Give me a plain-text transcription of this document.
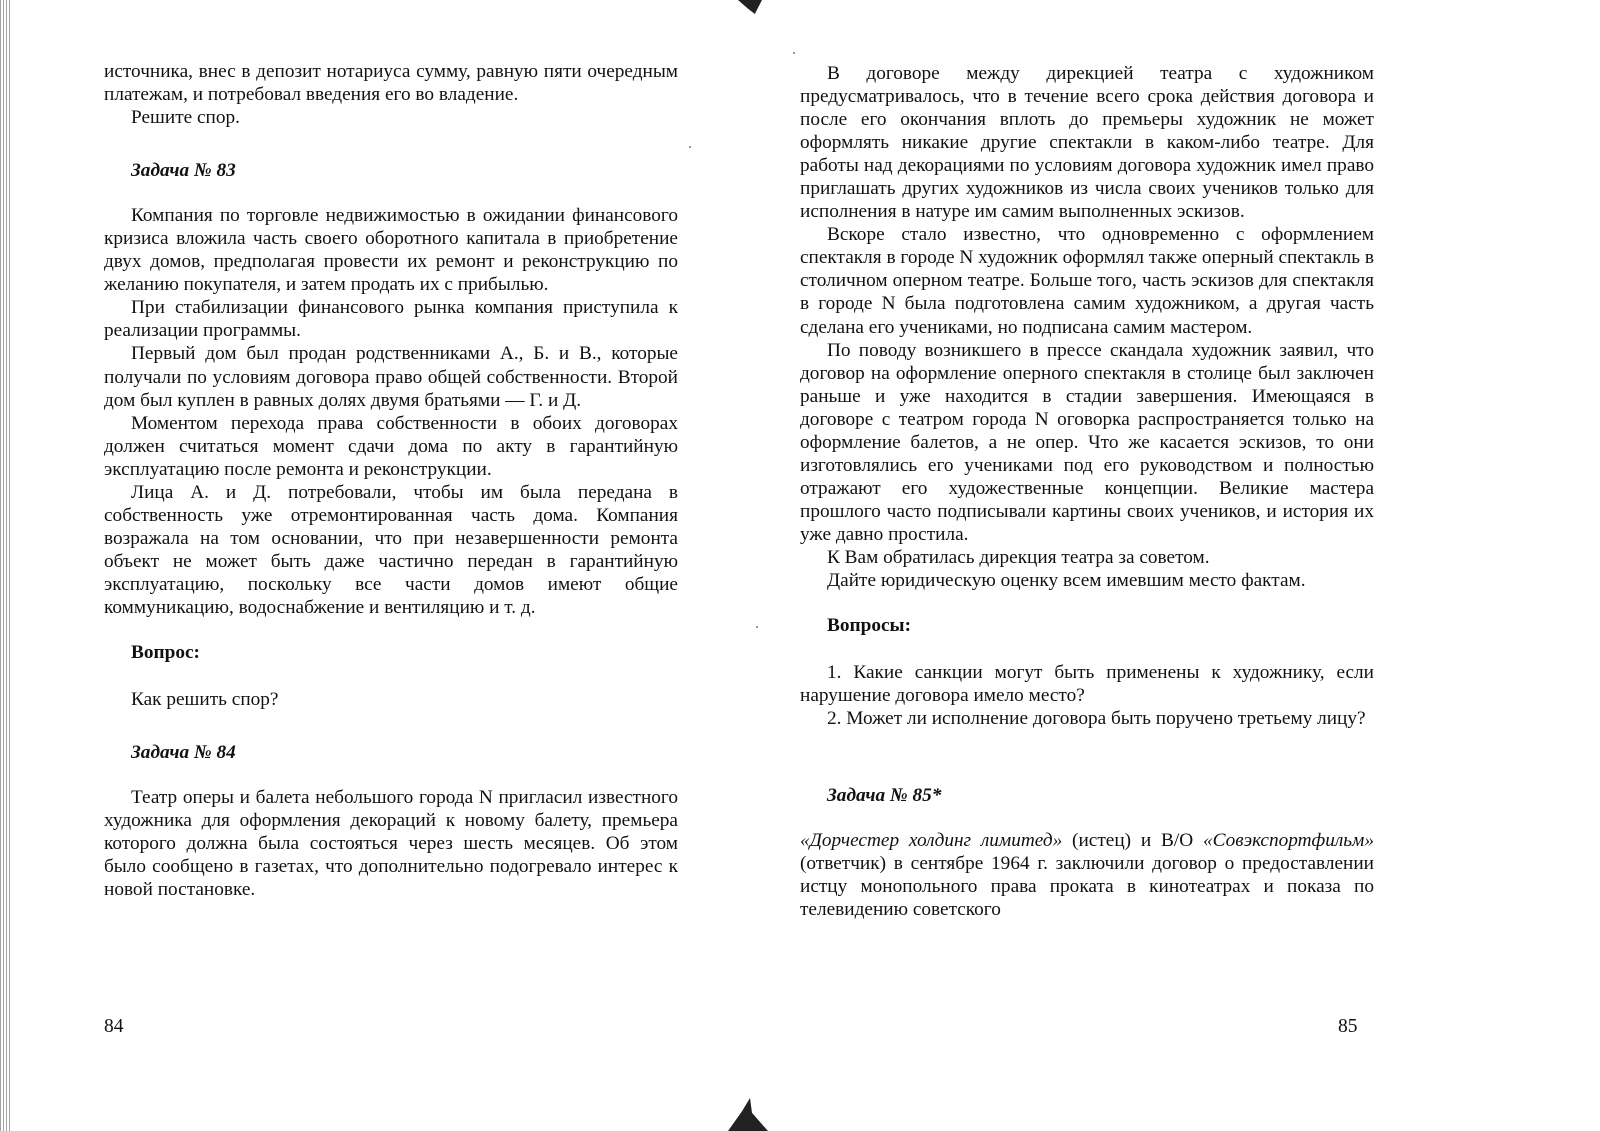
источника, внес в депозит нотариуса сумму, равную пяти очередным платежам, и потребовал введения его во владение.

Решите спор.

Задача № 83

Компания по торговле недвижимостью в ожидании финансового кризиса вложила часть своего оборотного капитала в приобретение двух домов, предполагая провести их ремонт и реконструкцию по желанию покупателя, и затем продать их с прибылью.

При стабилизации финансового рынка компания приступила к реализации программы.

Первый дом был продан родственниками А., Б. и В., которые получали по условиям договора право общей собственности. Второй дом был куплен в равных долях двумя братьями — Г. и Д.

Моментом перехода права собственности в обоих договорах должен считаться момент сдачи дома по акту в гарантийную эксплуатацию после ремонта и реконструкции.

Лица А. и Д. потребовали, чтобы им была передана в собственность уже отремонтированная часть дома. Компания возражала на том основании, что при незавершенности ремонта объект не может быть даже частично передан в гарантийную эксплуатацию, поскольку все части домов имеют общие коммуникацию, водоснабжение и вентиляцию и т. д.

Вопрос:

Как решить спор?

Задача № 84

Театр оперы и балета небольшого города N пригласил известного художника для оформления декораций к новому балету, премьера которого должна была состояться через шесть месяцев. Об этом было сообщено в газетах, что дополнительно подогревало интерес к новой постановке.

84

В договоре между дирекцией театра с художником предусматривалось, что в течение всего срока действия договора и после его окончания вплоть до премьеры художник не может оформлять никакие другие спектакли в каком-либо театре. Для работы над декорациями по условиям договора художник имел право приглашать других художников из числа своих учеников только для исполнения в натуре им самим выполненных эскизов.

Вскоре стало известно, что одновременно с оформлением спектакля в городе N художник оформлял также оперный спектакль в столичном оперном театре. Больше того, часть эскизов для спектакля в городе N была подготовлена самим художником, а другая часть сделана его учениками, но подписана самим мастером.

По поводу возникшего в прессе скандала художник заявил, что договор на оформление оперного спектакля в столице был заключен раньше и уже находится в стадии завершения. Имеющаяся в договоре с театром города N оговорка распространяется только на оформление балетов, а не опер. Что же касается эскизов, то они изготовлялись его учениками под его руководством и полностью отражают его художественные концепции. Великие мастера прошлого часто подписывали картины своих учеников, и история их уже давно простила.

К Вам обратилась дирекция театра за советом.

Дайте юридическую оценку всем имевшим место фактам.

Вопросы:

1. Какие санкции могут быть применены к художнику, если нарушение договора имело место?

2. Может ли исполнение договора быть поручено третьему лицу?

Задача № 85*

«Дорчестер холдинг лимитед» (истец) и В/О «Совэкспортфильм» (ответчик) в сентябре 1964 г. заключили договор о предоставлении истцу монопольного права проката в кинотеатрах и показа по телевидению советского

85
